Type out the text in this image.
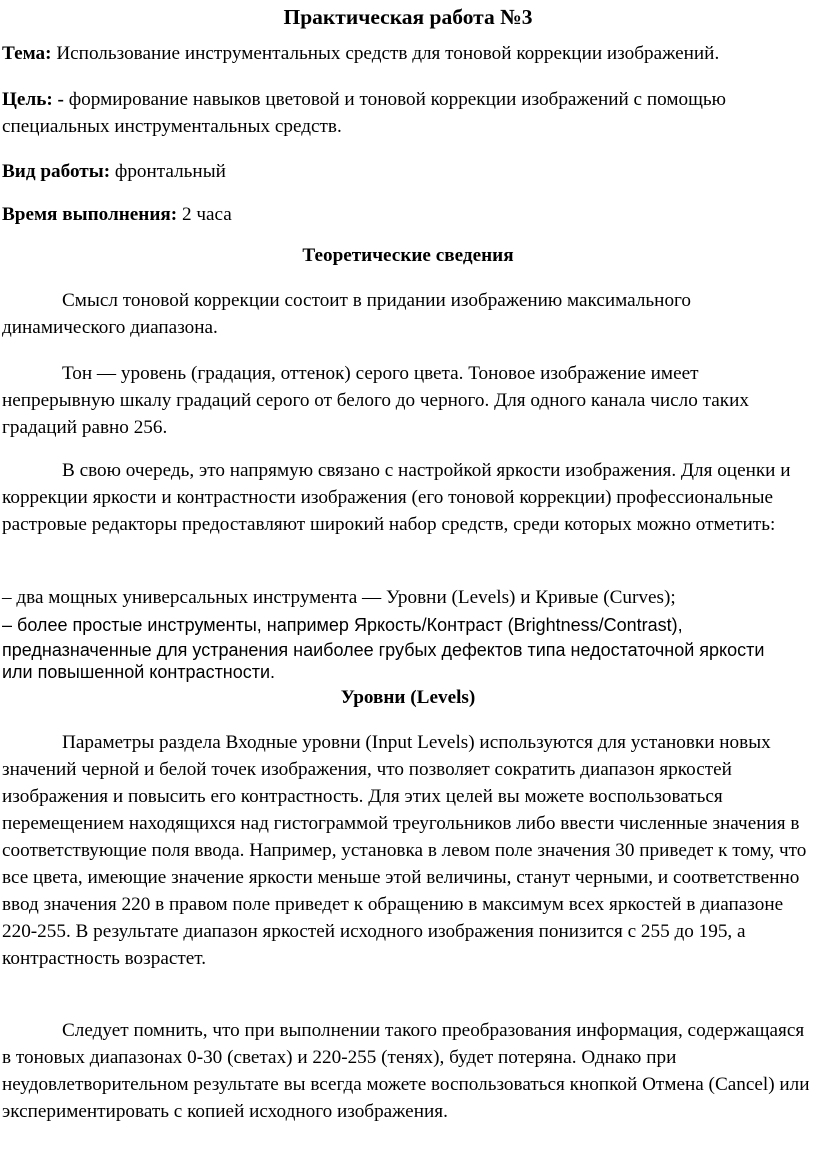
Практическая работа №3
Тема: Использование инструментальных средств для тоновой коррекции изображений.
Цель: - формирование навыков цветовой и тоновой коррекции изображений с помощью
специальных инструментальных средств.
Вид работы: фронтальный
Время выполнения: 2 часа
Теоретические сведения
Смысл тоновой коррекции состоит в придании изображению максимального динамического диапазона.
Тон — уровень (градация, оттенок) серого цвета. Тоновое изображение имеет непрерывную шкалу градаций серого от белого до черного. Для одного канала число таких градаций равно 256.
В свою очередь, это напрямую связано с настройкой яркости изображения. Для оценки и коррекции яркости и контрастности изображения (его тоновой коррекции) профессиональные растровые редакторы предоставляют широкий набор средств, среди которых можно отметить:
– два мощных универсальных инструмента — Уровни (Levels) и Кривые (Curves);
– более простые инструменты, например Яркость/Контраст (Brightness/Contrast),
предназначенные для устранения наиболее грубых дефектов типа недостаточной яркости
или повышенной контрастности.
Уровни (Levels)
Параметры раздела Входные уровни (Input Levels) используются для установки новых значений черной и белой точек изображения, что позволяет сократить диапазон яркостей изображения и повысить его контрастность. Для этих целей вы можете воспользоваться перемещением находящихся над гистограммой треугольников либо ввести численные значения в соответствующие поля ввода. Например, установка в левом поле значения 30 приведет к тому, что все цвета, имеющие значение яркости меньше этой величины, станут черными, и соответственно ввод значения 220 в правом поле приведет к обращению в максимум всех яркостей в диапазоне 220-255. В результате диапазон яркостей исходного изображения понизится с 255 до 195, а контрастность возрастет.
Следует помнить, что при выполнении такого преобразования информация, содержащаяся в тоновых диапазонах 0-30 (светах) и 220-255 (тенях), будет потеряна. Однако при неудовлетворительном результате вы всегда можете воспользоваться кнопкой Отмена (Cancel) или экспериментировать с копией исходного изображения.
